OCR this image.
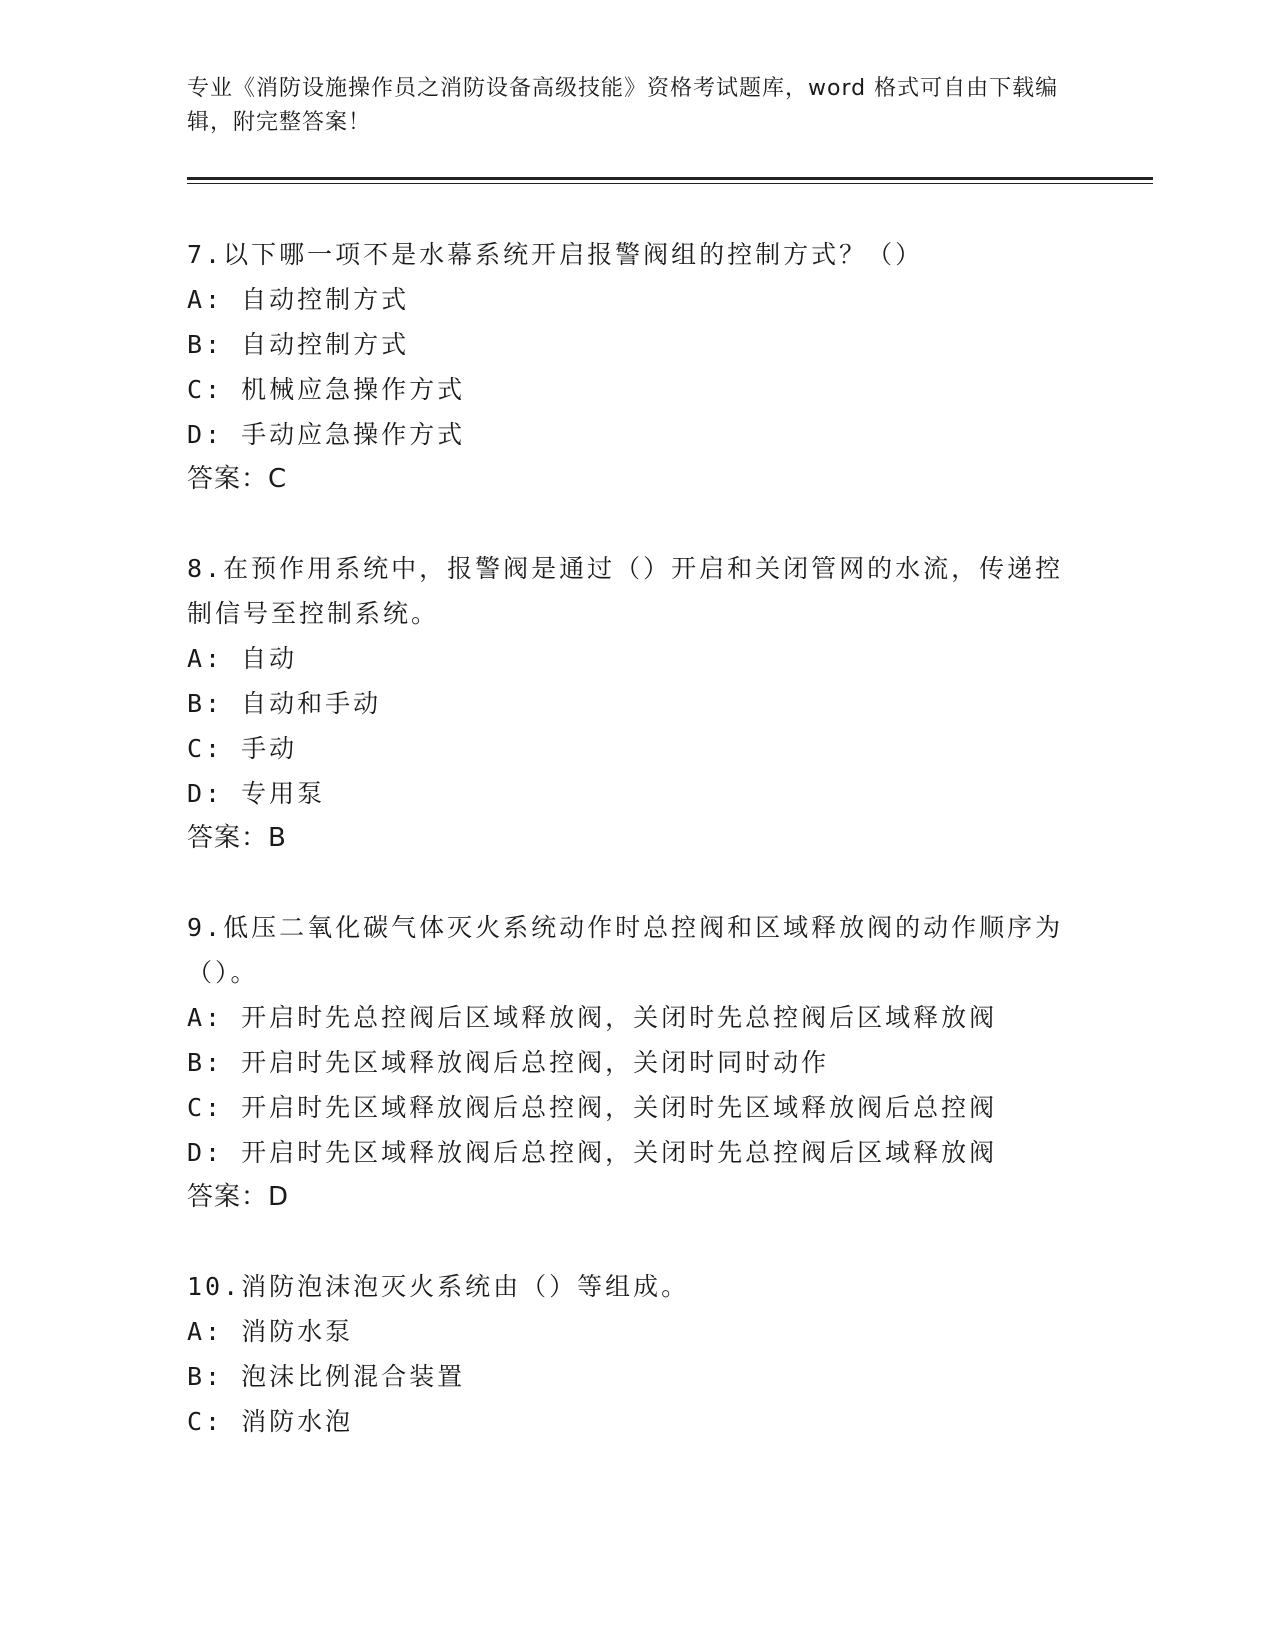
专业《消防设施操作员之消防设备高级技能》资格考试题库，word 格式可自由下载编辑，附完整答案！

7.以下哪一项不是水幕系统开启报警阀组的控制方式？（）

A: 自动控制方式

B: 自动控制方式

C: 机械应急操作方式

D: 手动应急操作方式

答案：C

8.在预作用系统中，报警阀是通过（）开启和关闭管网的水流，传递控制信号至控制系统。

A: 自动

B: 自动和手动

C: 手动

D: 专用泵

答案：B

9.低压二氧化碳气体灭火系统动作时总控阀和区域释放阀的动作顺序为（）。

A: 开启时先总控阀后区域释放阀，关闭时先总控阀后区域释放阀

B: 开启时先区域释放阀后总控阀，关闭时同时动作

C: 开启时先区域释放阀后总控阀，关闭时先区域释放阀后总控阀

D: 开启时先区域释放阀后总控阀，关闭时先总控阀后区域释放阀

答案：D

10.消防泡沫泡灭火系统由（）等组成。

A: 消防水泵

B: 泡沫比例混合装置

C: 消防水泡
